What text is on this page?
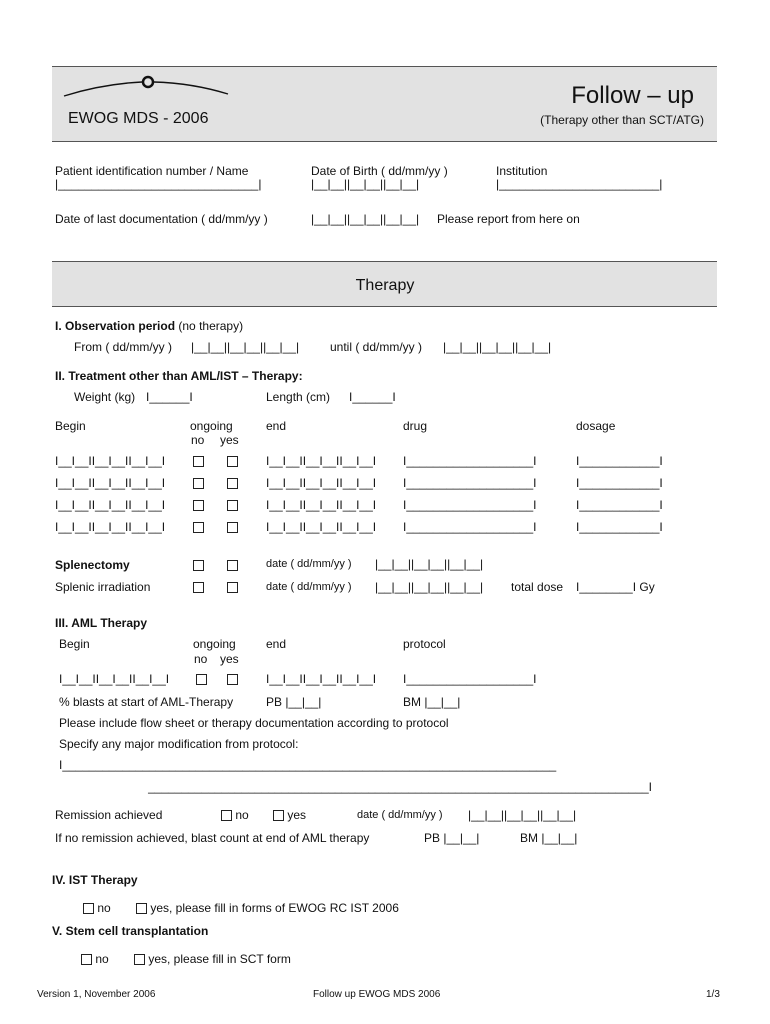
EWOG MDS - 2006
Follow – up
(Therapy other than SCT/ATG)
Patient identification number / Name
|______________________________|
Date of Birth ( dd/mm/yy )
|__|__||__|__||__|__|
Institution
|________________________|
Date of last documentation ( dd/mm/yy )	|__|__||__|__||__|__| Please report from here on
Therapy
I. Observation period (no therapy)
From ( dd/mm/yy ) |__|__||__|__||__|__|	until ( dd/mm/yy ) |__|__||__|__||__|__|
II. Treatment other than AML/IST – Therapy:
Weight (kg) I______I	Length (cm) I______I
Begin	ongoing
no yes
end	drug	dosage
I__I__II__I__II__I__I	I__I__II__I__II__I__I I___________________I	I____________I
I__I__II__I__II__I__I	I__I__II__I__II__I__I I___________________I	I____________I
I__I__II__I__II__I__I	I__I__II__I__II__I__I I___________________I	I____________I
I__I__II__I__II__I__I	I__I__II__I__II__I__I I___________________I	I____________I
Splenectomy	date ( dd/mm/yy ) |__|__||__|__||__|__|
Splenic irradiation	date ( dd/mm/yy ) |__|__||__|__||__|__| total dose I________I Gy
III. AML Therapy
Begin	ongoing
no yes
end	protocol
I__I__II__I__II__I__I	I__I__II__I__II__I__I I___________________I
% blasts at start of AML-Therapy	PB |__|__|	BM |__|__|
Please include flow sheet or therapy documentation according to protocol
Specify any major modification from protocol:
I__________________________________________________________________________
___________________________________________________________________________I
Remission achieved	no	yes	date ( dd/mm/yy ) |__|__||__|__||__|__|
If no remission achieved, blast count at end of AML therapy	PB |__|__|	BM |__|__|
IV. IST Therapy
no	yes, please fill in forms of EWOG RC IST 2006
V. Stem cell transplantation
no	yes, please fill in SCT form
Version 1, November 2006	Follow up EWOG MDS 2006	1/3
